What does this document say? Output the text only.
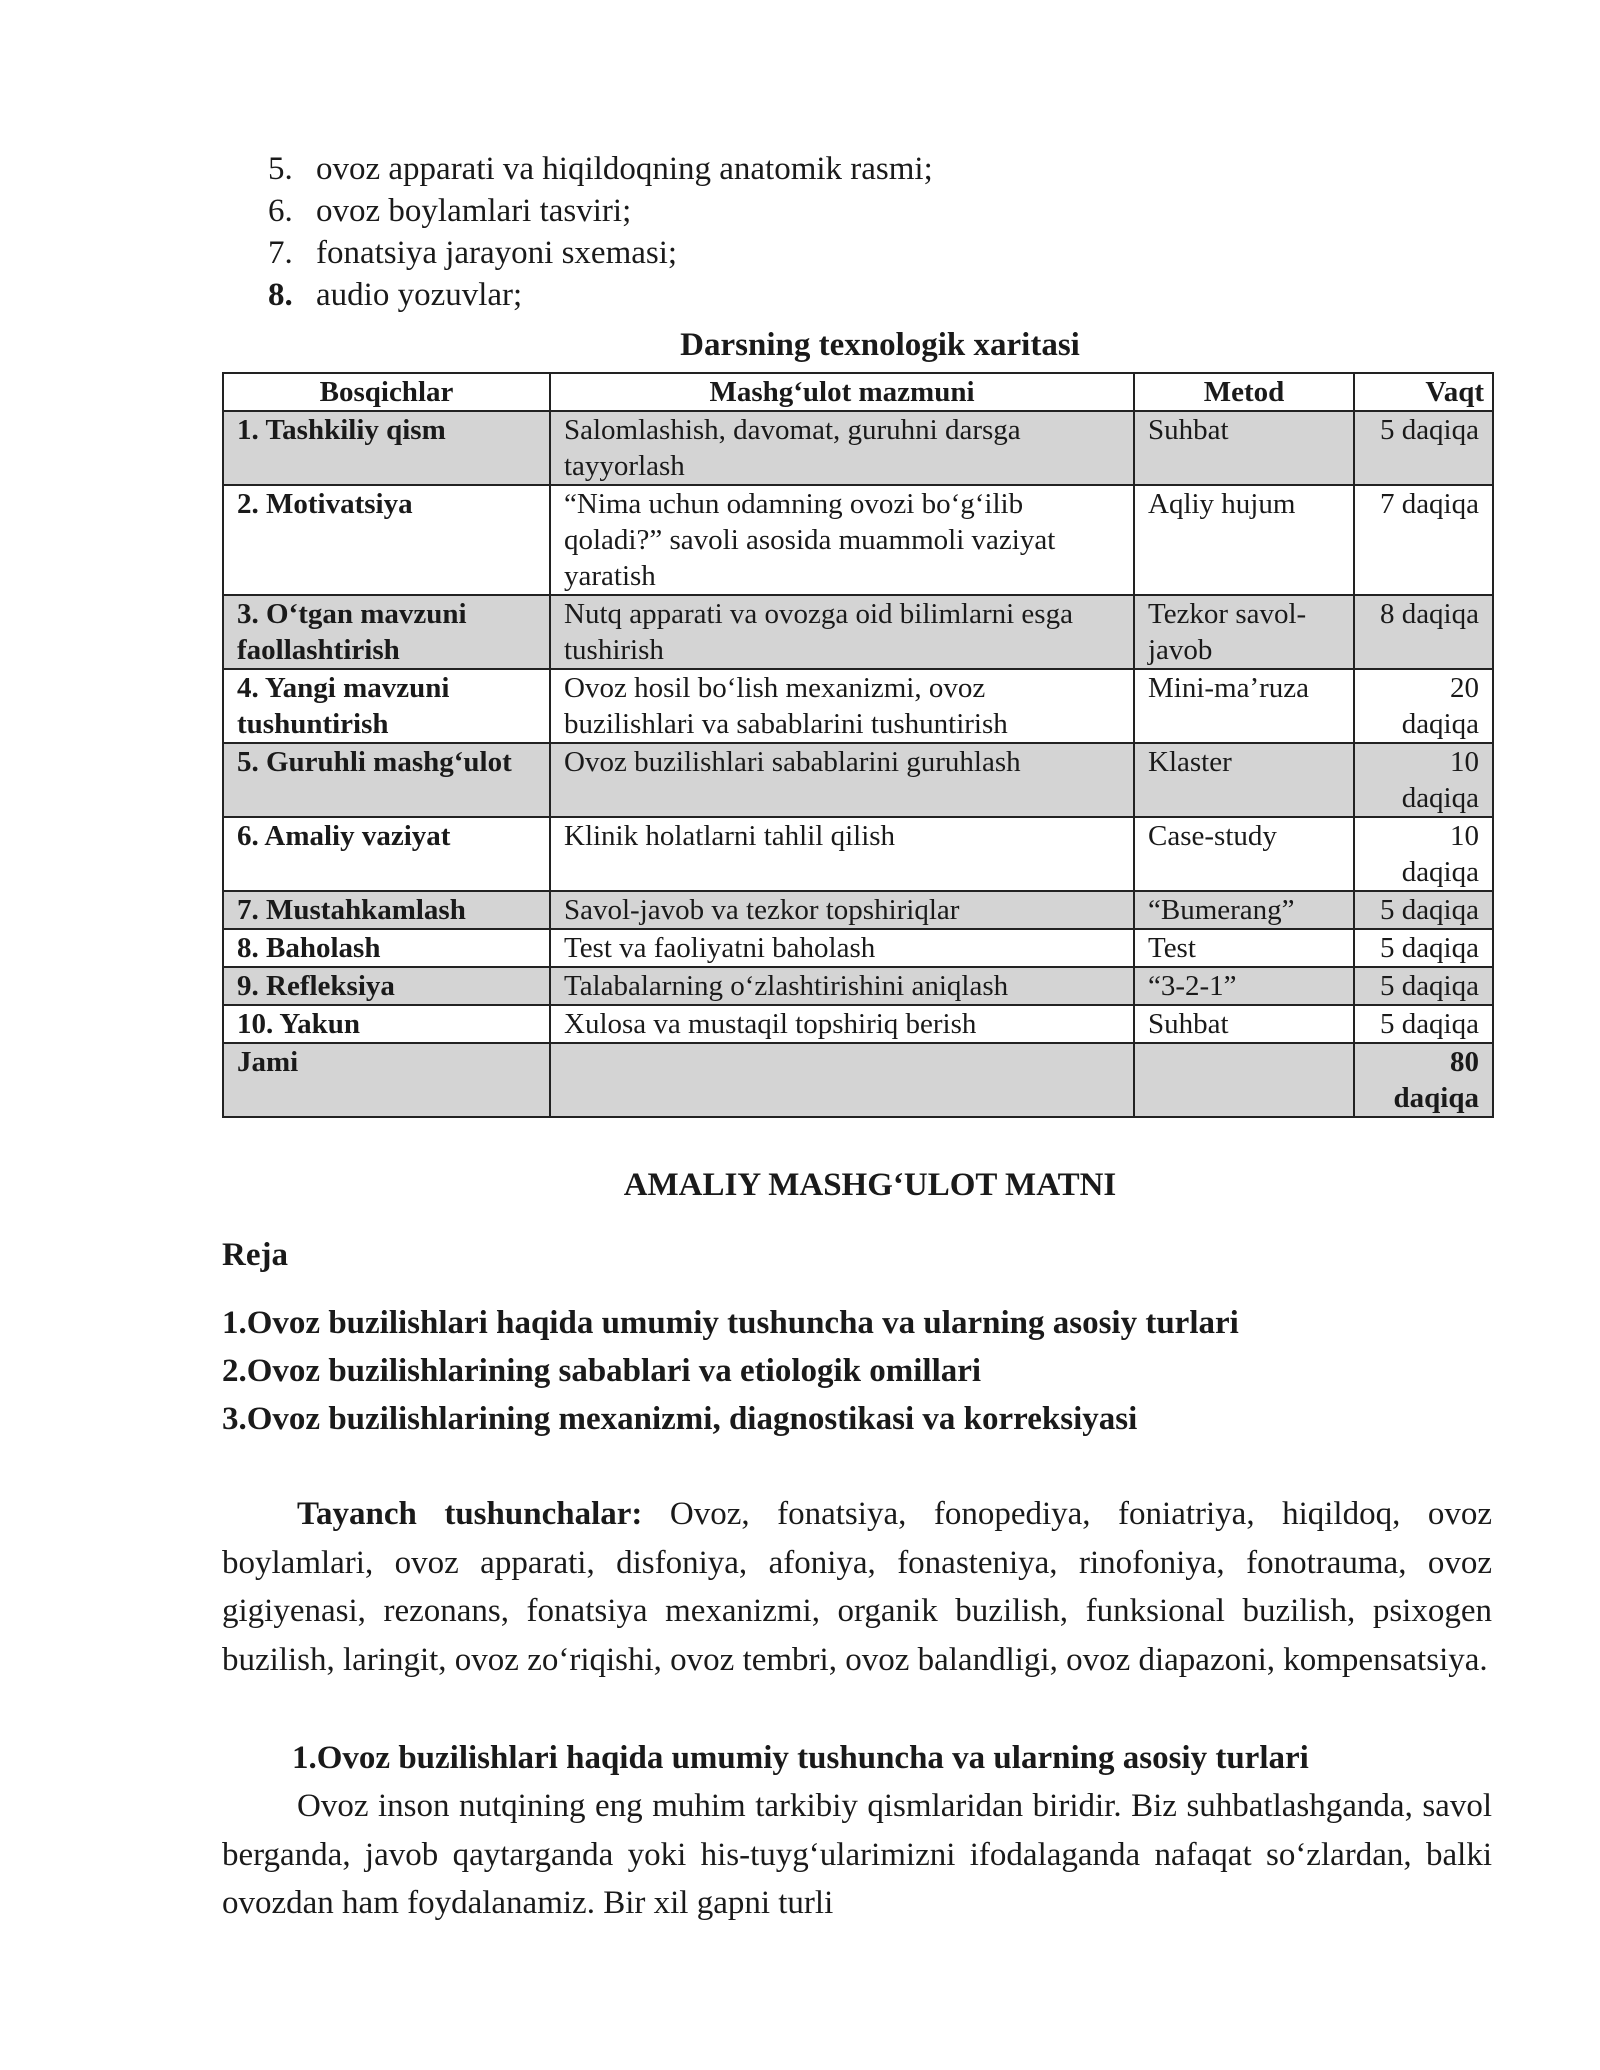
5. ovoz apparati va hiqildoqning anatomik rasmi;
6. ovoz boylamlari tasviri;
7. fonatsiya jarayoni sxemasi;
8. audio yozuvlar;
Darsning texnologik xaritasi
Bosqichlar	Mashg‘ulot mazmuni	Metod	Vaqt
1. Tashkiliy qism	Salomlashish, davomat, guruhni darsga tayyorlash	Suhbat	5 daqiqa
2. Motivatsiya	“Nima uchun odamning ovozi bo‘g‘ilib qoladi?” savoli asosida muammoli vaziyat yaratish	Aqliy hujum	7 daqiqa
3. O‘tgan mavzuni faollashtirish	Nutq apparati va ovozga oid bilimlarni esga tushirish	Tezkor savol-javob	8 daqiqa
4. Yangi mavzuni tushuntirish	Ovoz hosil bo‘lish mexanizmi, ovoz buzilishlari va sabablarini tushuntirish	Mini-ma’ruza	20 daqiqa
5. Guruhli mashg‘ulot	Ovoz buzilishlari sabablarini guruhlash	Klaster	10 daqiqa
6. Amaliy vaziyat	Klinik holatlarni tahlil qilish	Case-study	10 daqiqa
7. Mustahkamlash	Savol-javob va tezkor topshiriqlar	“Bumerang”	5 daqiqa
8. Baholash	Test va faoliyatni baholash	Test	5 daqiqa
9. Refleksiya	Talabalarning o‘zlashtirishini aniqlash	“3-2-1”	5 daqiqa
10. Yakun	Xulosa va mustaqil topshiriq berish	Suhbat	5 daqiqa
Jami			80 daqiqa
AMALIY MASHG‘ULOT MATNI
Reja
1.Ovoz buzilishlari haqida umumiy tushuncha va ularning asosiy turlari
2.Ovoz buzilishlarining sabablari va etiologik omillari
3.Ovoz buzilishlarining mexanizmi, diagnostikasi va korreksiyasi

Tayanch tushunchalar: Ovoz, fonatsiya, fonopediya, foniatriya, hiqildoq, ovoz boylamlari, ovoz apparati, disfoniya, afoniya, fonasteniya, rinofoniya, fonotrauma, ovoz gigiyenasi, rezonans, fonatsiya mexanizmi, organik buzilish, funksional buzilish, psixogen buzilish, laringit, ovoz zo‘riqishi, ovoz tembri, ovoz balandligi, ovoz diapazoni, kompensatsiya.

1.Ovoz buzilishlari haqida umumiy tushuncha va ularning asosiy turlari

Ovoz inson nutqining eng muhim tarkibiy qismlaridan biridir. Biz suhbatlashganda, savol berganda, javob qaytarganda yoki his-tuyg‘ularimizni ifodalaganda nafaqat so‘zlardan, balki ovozdan ham foydalanamiz. Bir xil gapni turli
